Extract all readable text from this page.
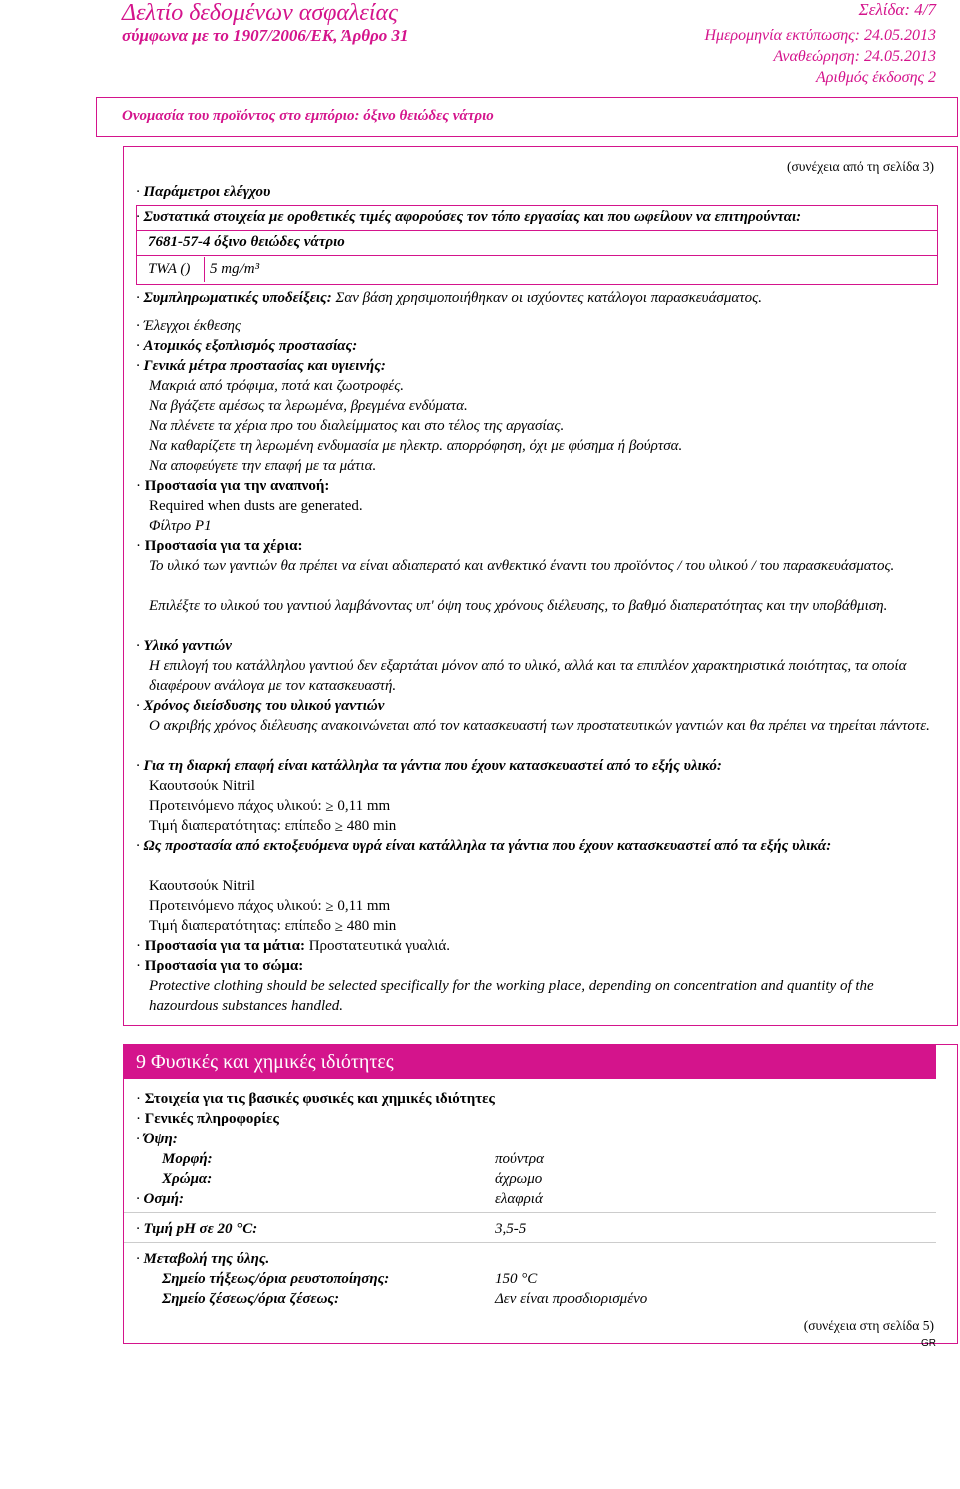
Δελτίο δεδομένων ασφαλείας
σύμφωνα με το 1907/2006/ΕΚ, Άρθρο 31
Σελίδα: 4/7
Ημερομηνία εκτύπωσης: 24.05.2013
Αναθεώρηση: 24.05.2013
Αριθμός έκδοσης 2
Ονομασία του προϊόντος στο εμπόριο: όξινο θειώδες νάτριο
(συνέχεια από τη σελίδα 3)
· Παράμετροι ελέγχου
· Συστατικά στοιχεία με οροθετικές τιμές αφορούσες τον τόπο εργασίας και που ωφείλουν να επιτηρούνται:
7681-57-4 όξινο θειώδες νάτριο
TWA () 5 mg/m³
· Συμπληρωματικές υποδείξεις: Σαν βάση χρησιμοποιήθηκαν οι ισχύοντες κατάλογοι παρασκευάσματος.
· Έλεγχοι έκθεσης
· Ατομικός εξοπλισμός προστασίας:
· Γενικά μέτρα προστασίας και υγιεινής:
Μακριά από τρόφιμα, ποτά και ζωοτροφές.
Να βγάζετε αμέσως τα λερωμένα, βρεγμένα ενδύματα.
Να πλένετε τα χέρια προ του διαλείμματος και στο τέλος της αργασίας.
Να καθαρίζετε τη λερωμένη ενδυμασία με ηλεκτρ. απορρόφηση, όχι με φύσημα ή βούρτσα.
Να αποφεύγετε την επαφή με τα μάτια.
· Προστασία για την αναπνοή:
Required when dusts are generated.
Φίλτρο P1
· Προστασία για τα χέρια:
Το υλικό των γαντιών θα πρέπει να είναι αδιαπερατό και ανθεκτικό έναντι του προϊόντος / του υλικού / του παρασκευάσματος.
Επιλέξτε το υλικού του γαντιού λαμβάνοντας υπ' όψη τους χρόνους διέλευσης, το βαθμό διαπερατότητας και την υποβάθμιση.
· Υλικό γαντιών
Η επιλογή του κατάλληλου γαντιού δεν εξαρτάται μόνον από το υλικό, αλλά και τα επιπλέον χαρακτηριστικά ποιότητας, τα οποία διαφέρουν ανάλογα με τον κατασκευαστή.
· Χρόνος διείσδυσης του υλικού γαντιών
Ο ακριβής χρόνος διέλευσης ανακοινώνεται από τον κατασκευαστή των προστατευτικών γαντιών και θα πρέπει να τηρείται πάντοτε.
· Για τη διαρκή επαφή είναι κατάλληλα τα γάντια που έχουν κατασκευαστεί από το εξής υλικό:
Καουτσούκ Nitril
Προτεινόμενο πάχος υλικού: ≥ 0,11 mm
Τιμή διαπερατότητας: επίπεδο ≥ 480 min
· Ως προστασία από εκτοξευόμενα υγρά είναι κατάλληλα τα γάντια που έχουν κατασκευαστεί από τα εξής υλικά:
Καουτσούκ Nitril
Προτεινόμενο πάχος υλικού: ≥ 0,11 mm
Τιμή διαπερατότητας: επίπεδο ≥ 480 min
· Προστασία για τα μάτια: Προστατευτικά γυαλιά.
· Προστασία για το σώμα:
Protective clothing should be selected specifically for the working place, depending on concentration and quantity of the hazourdous substances handled.
9 Φυσικές και χημικές ιδιότητες
· Στοιχεία για τις βασικές φυσικές και χημικές ιδιότητες
· Γενικές πληροφορίες
· Όψη:
Μορφή:	πούντρα
Χρώμα:	άχρωμο
· Οσμή:	ελαφριά
· Τιμή pH σε 20 °C:	3,5-5
· Μεταβολή της ύλης.
Σημείο τήξεως/όρια ρευστοποίησης:	150 °C
Σημείο ζέσεως/όρια ζέσεως:	Δεν είναι προσδιορισμένο
(συνέχεια στη σελίδα 5)
GR
